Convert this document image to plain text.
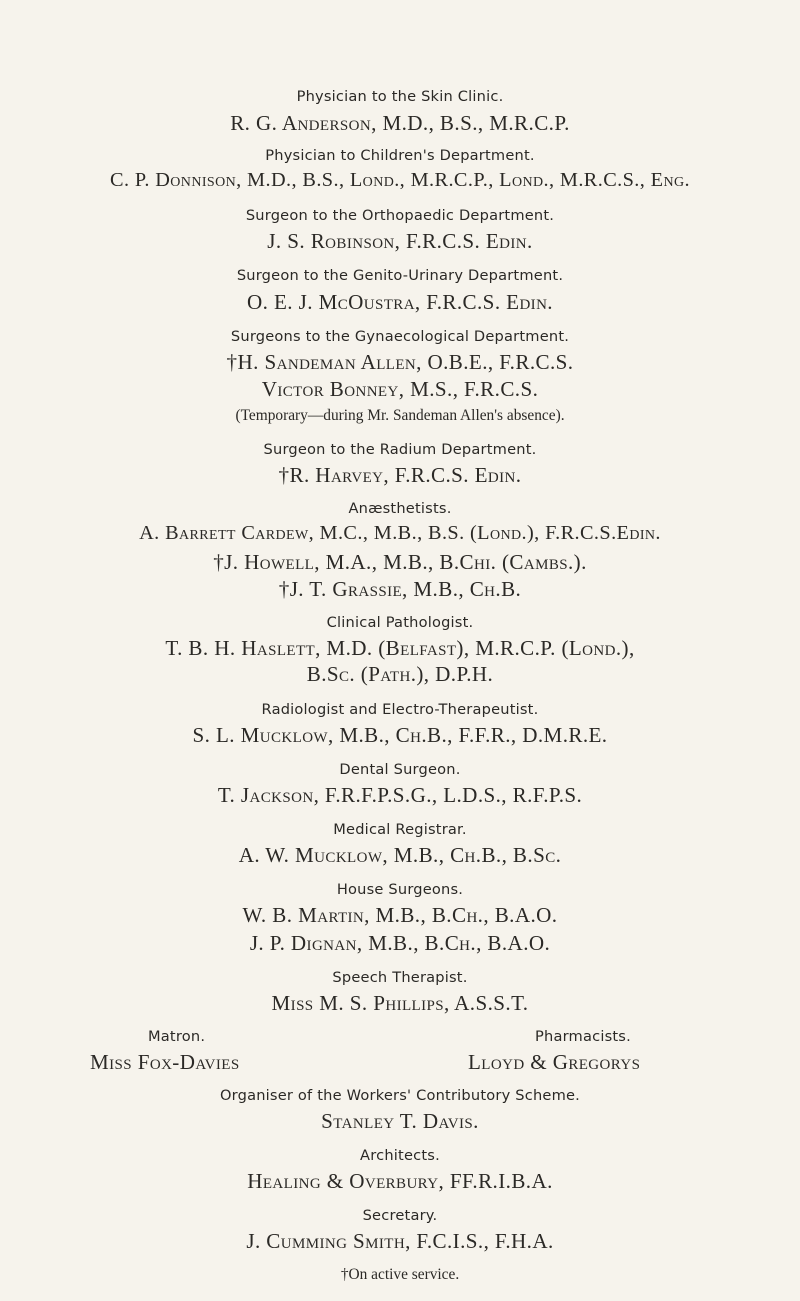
Physician to the Skin Clinic.
R. G. Anderson, M.D., B.S., M.R.C.P.
Physician to Children's Department.
C. P. Donnison, M.D., B.S., Lond., M.R.C.P., Lond., M.R.C.S., Eng.
Surgeon to the Orthopaedic Department.
J. S. Robinson, F.R.C.S. Edin.
Surgeon to the Genito-Urinary Department.
O. E. J. McOustra, F.R.C.S. Edin.
Surgeons to the Gynaecological Department.
†H. Sandeman Allen, O.B.E., F.R.C.S.
Victor Bonney, M.S., F.R.C.S.
(Temporary—during Mr. Sandeman Allen's absence).
Surgeon to the Radium Department.
†R. Harvey, F.R.C.S. Edin.
Anæsthetists.
A. Barrett Cardew, M.C., M.B., B.S. (Lond.), F.R.C.S.Edin.
†J. Howell, M.A., M.B., B.Chi. (Cambs.).
†J. T. Grassie, M.B., Ch.B.
Clinical Pathologist.
T. B. H. Haslett, M.D. (Belfast), M.R.C.P. (Lond.),
B.Sc. (Path.), D.P.H.
Radiologist and Electro-Therapeutist.
S. L. Mucklow, M.B., Ch.B., F.F.R., D.M.R.E.
Dental Surgeon.
T. Jackson, F.R.F.P.S.G., L.D.S., R.F.P.S.
Medical Registrar.
A. W. Mucklow, M.B., Ch.B., B.Sc.
House Surgeons.
W. B. Martin, M.B., B.Ch., B.A.O.
J. P. Dignan, M.B., B.Ch., B.A.O.
Speech Therapist.
Miss M. S. Phillips, A.S.S.T.
Matron.	Pharmacists.
Miss Fox-Davies	Lloyd & Gregorys
Organiser of the Workers' Contributory Scheme.
Stanley T. Davis.
Architects.
Healing & Overbury, FF.R.I.B.A.
Secretary.
J. Cumming Smith, F.C.I.S., F.H.A.
†On active service.
